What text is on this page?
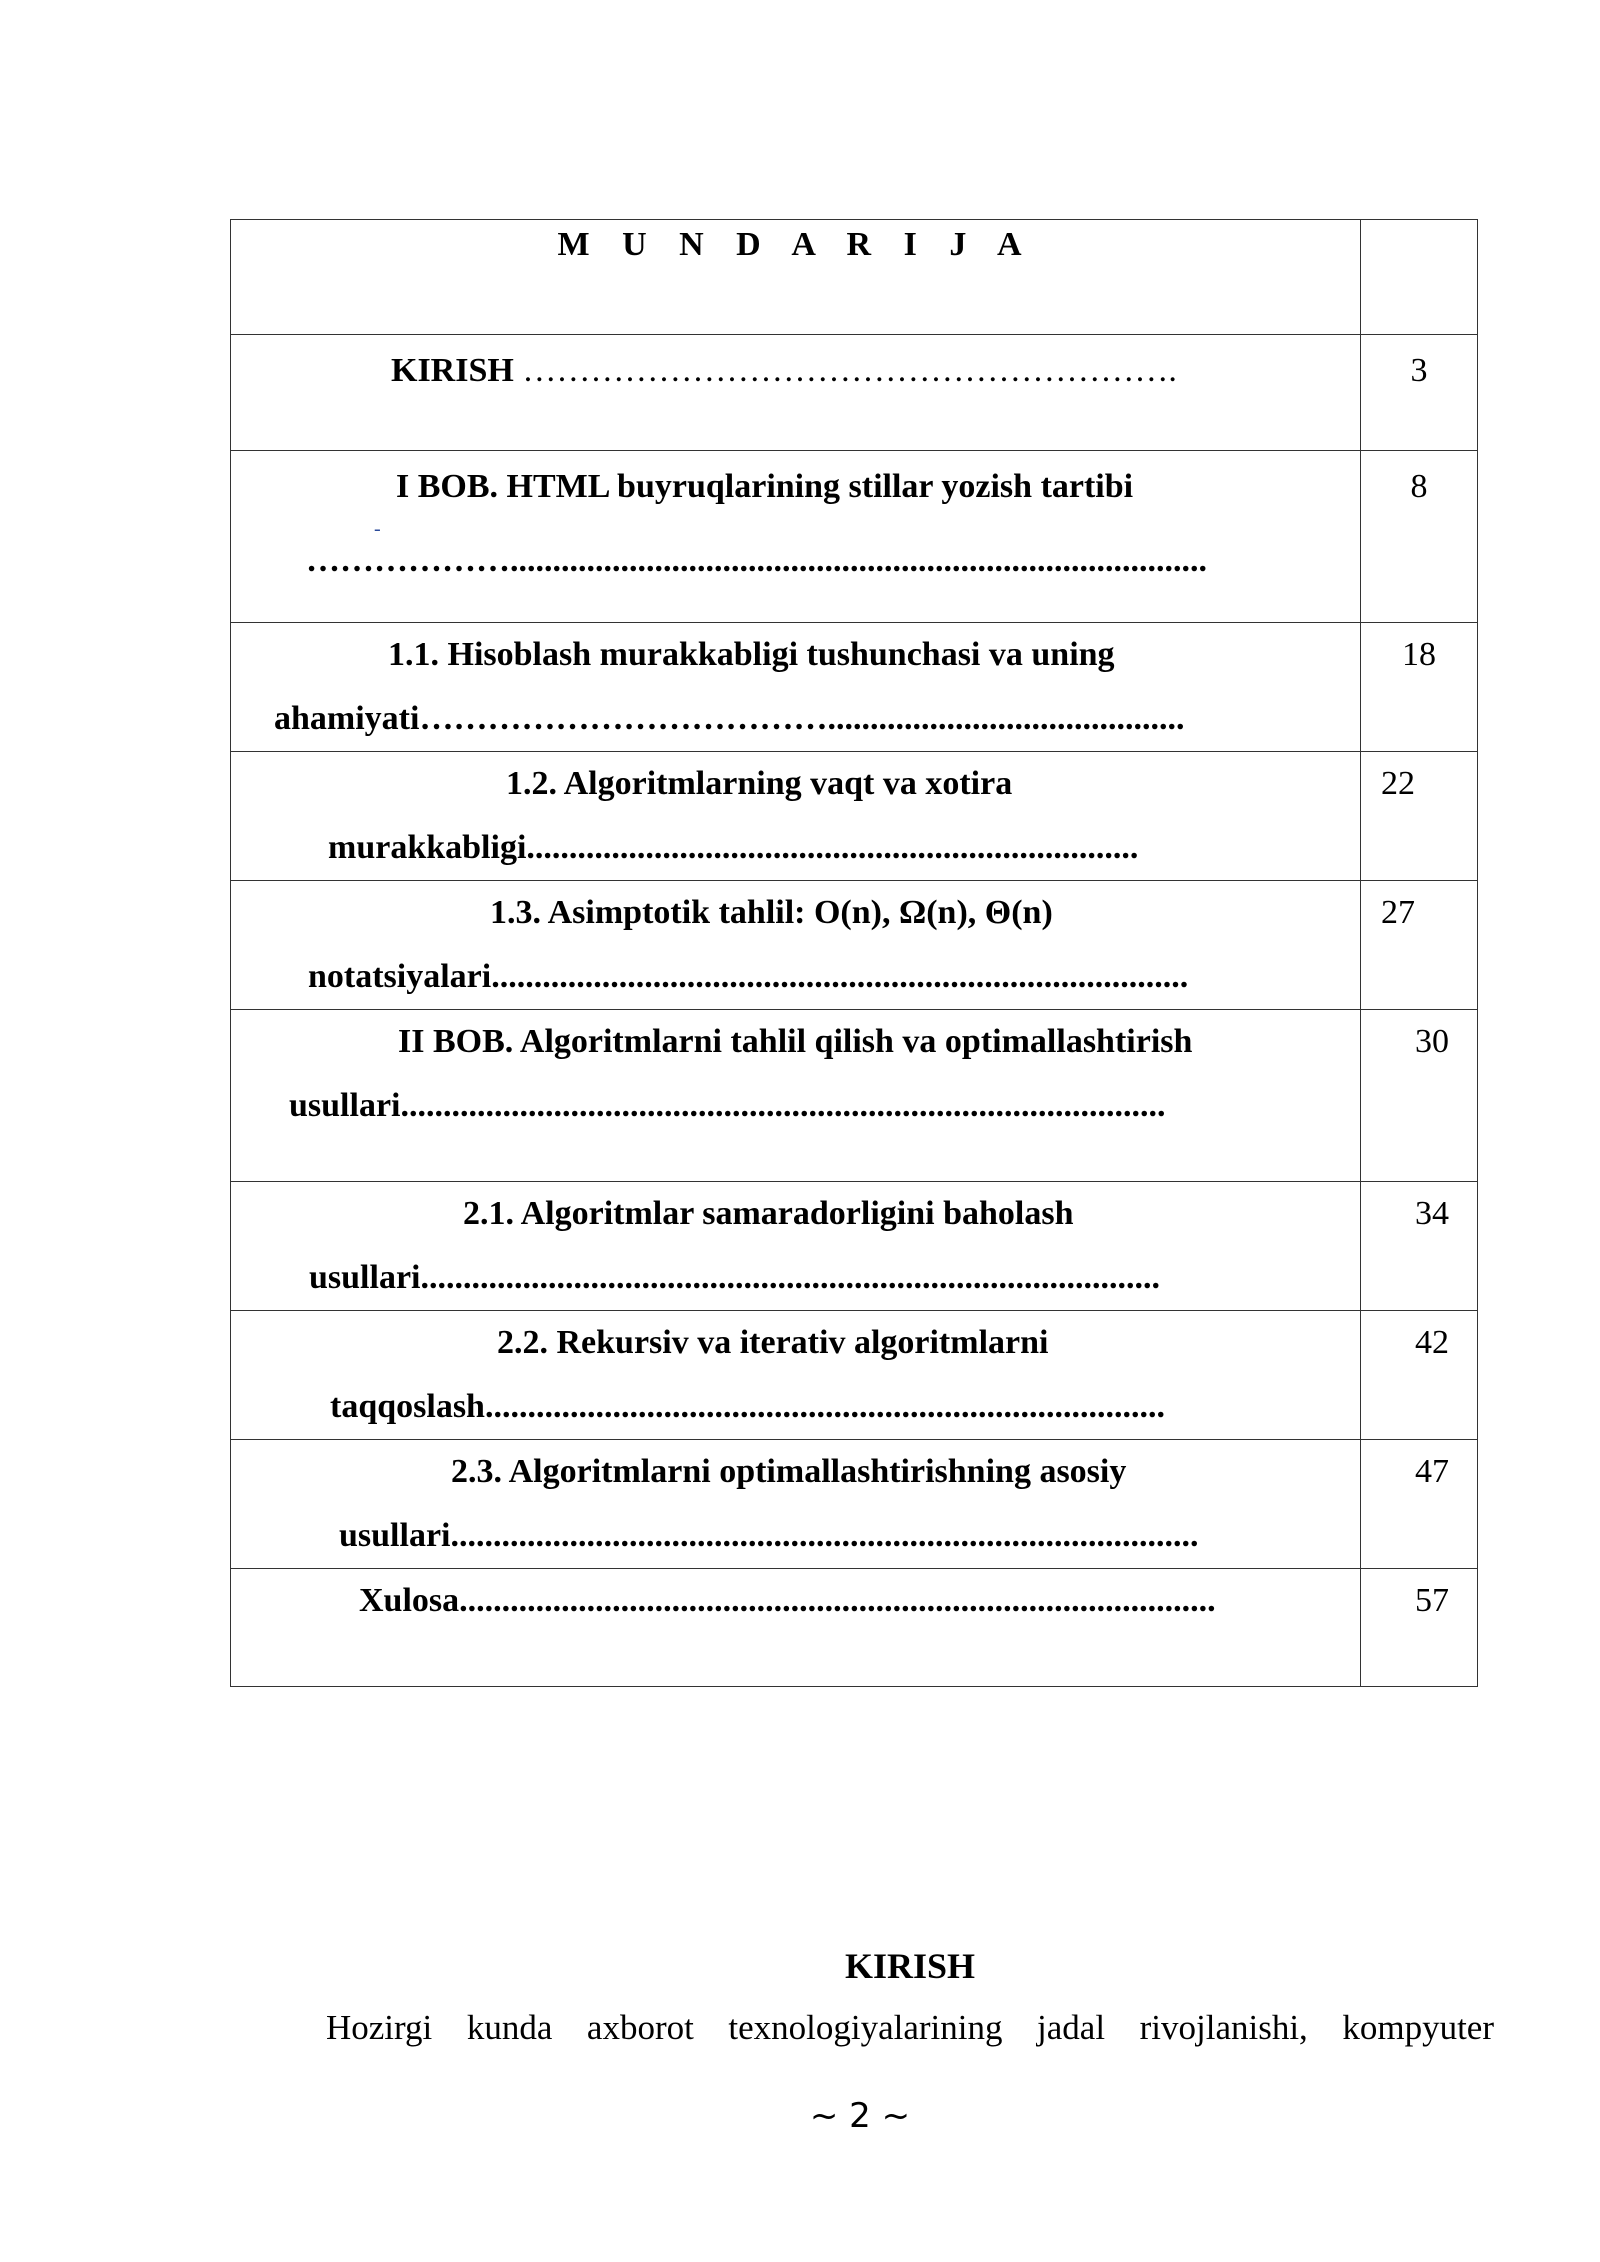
M U N D A R I J A	

KIRISH ………………………………………………….	3

I BOB. HTML buyruqlarining stillar yozish tartibi
-
………………..................................................................................	8

1.1. Hisoblash murakkabligi tushunchasi va uning
ahamiyati………………………………..........................................	18

1.2. Algoritmlarning vaqt va xotira
murakkabligi........................................................................	22

1.3. Asimptotik tahlil: O(n), Ω(n), Θ(n)
notatsiyalari..................................................................................	27

II BOB. Algoritmlarni tahlil qilish va optimallashtirish
usullari..........................................................................................	30

2.1. Algoritmlar samaradorligini baholash
usullari.......................................................................................	34

2.2. Rekursiv va iterativ algoritmlarni
taqqoslash................................................................................	42

2.3. Algoritmlarni optimallashtirishning asosiy
usullari........................................................................................	47

Xulosa.........................................................................................	57
KIRISH
Hozirgi kunda axborot texnologiyalarining jadal rivojlanishi, kompyuter
~ 2 ~
